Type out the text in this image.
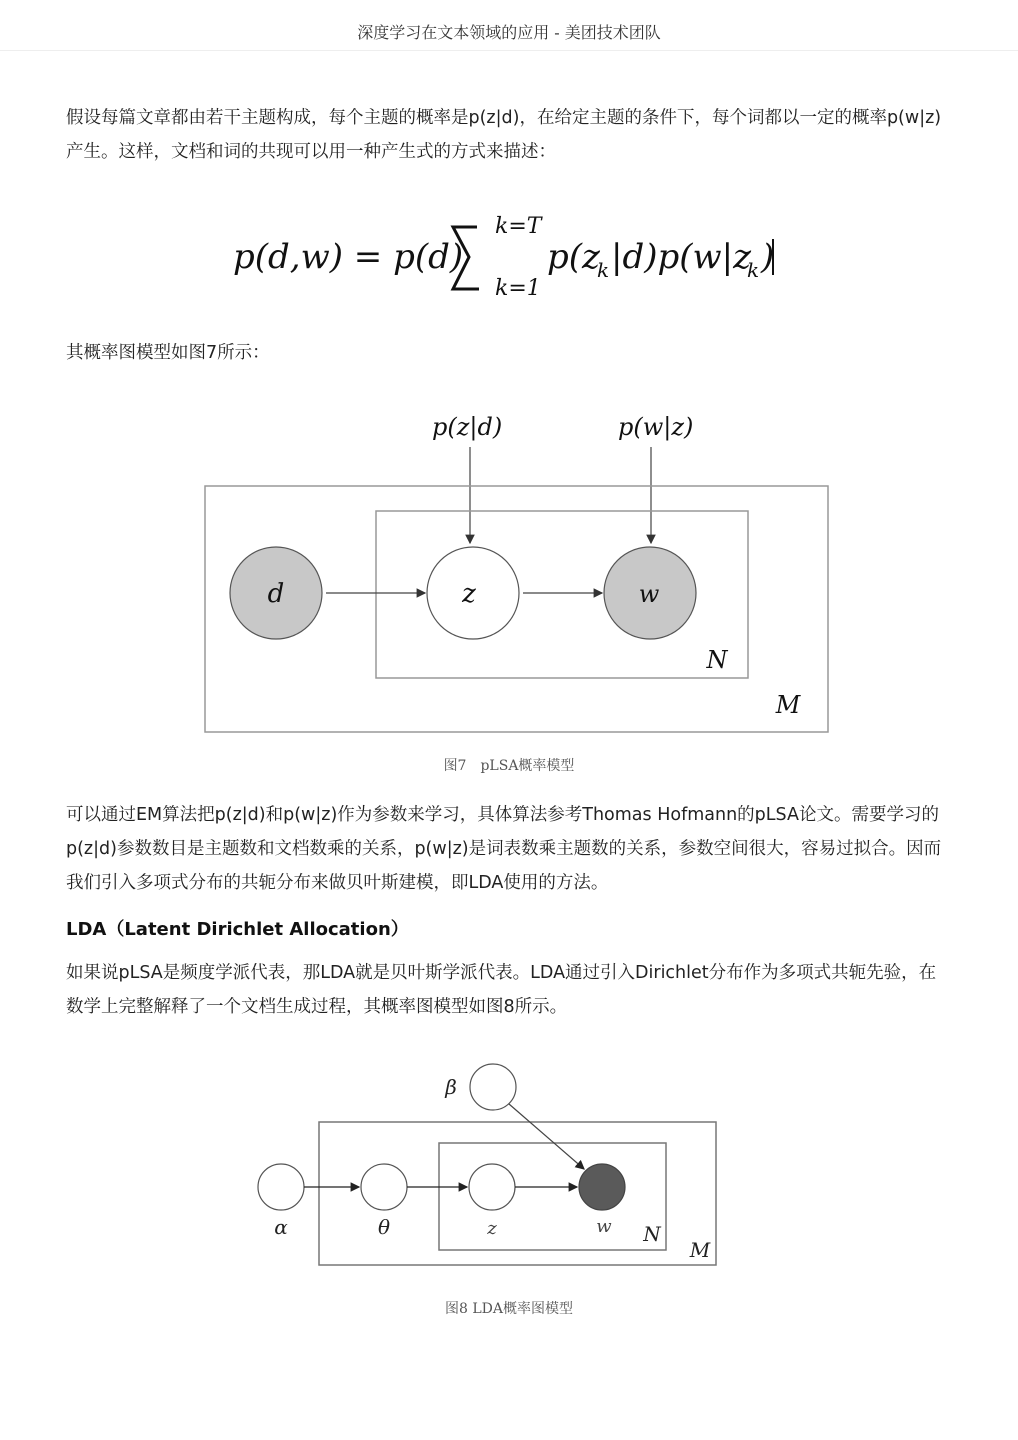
深度学习在文本领域的应用 - 美团技术团队

假设每篇文章都由若干主题构成，每个主题的概率是p(z|d)，在给定主题的条件下，每个词都以一定的概率p(w|z)产生。这样，文档和词的共现可以用一种产生式的方式来描述：

p(d,w) = p(d)
k=T
k=1
p(z
k |d)p(w|z
k )

其概率图模型如图7所示：

p(z|d)	p(w|z)
d	z	w
N
M
图7　pLSA概率模型

可以通过EM算法把p(z|d)和p(w|z)作为参数来学习，具体算法参考Thomas Hofmann的pLSA论文。需要学习的p(z|d)参数数目是主题数和文档数乘的关系，p(w|z)是词表数乘主题数的关系，参数空间很大，容易过拟合。因而我们引入多项式分布的共轭分布来做贝叶斯建模，即LDA使用的方法。

LDA（Latent Dirichlet Allocation）

如果说pLSA是频度学派代表，那LDA就是贝叶斯学派代表。LDA通过引入Dirichlet分布作为多项式共轭先验，在数学上完整解释了一个文档生成过程，其概率图模型如图8所示。

β
α	θ	z	w N
M
图8 LDA概率图模型
